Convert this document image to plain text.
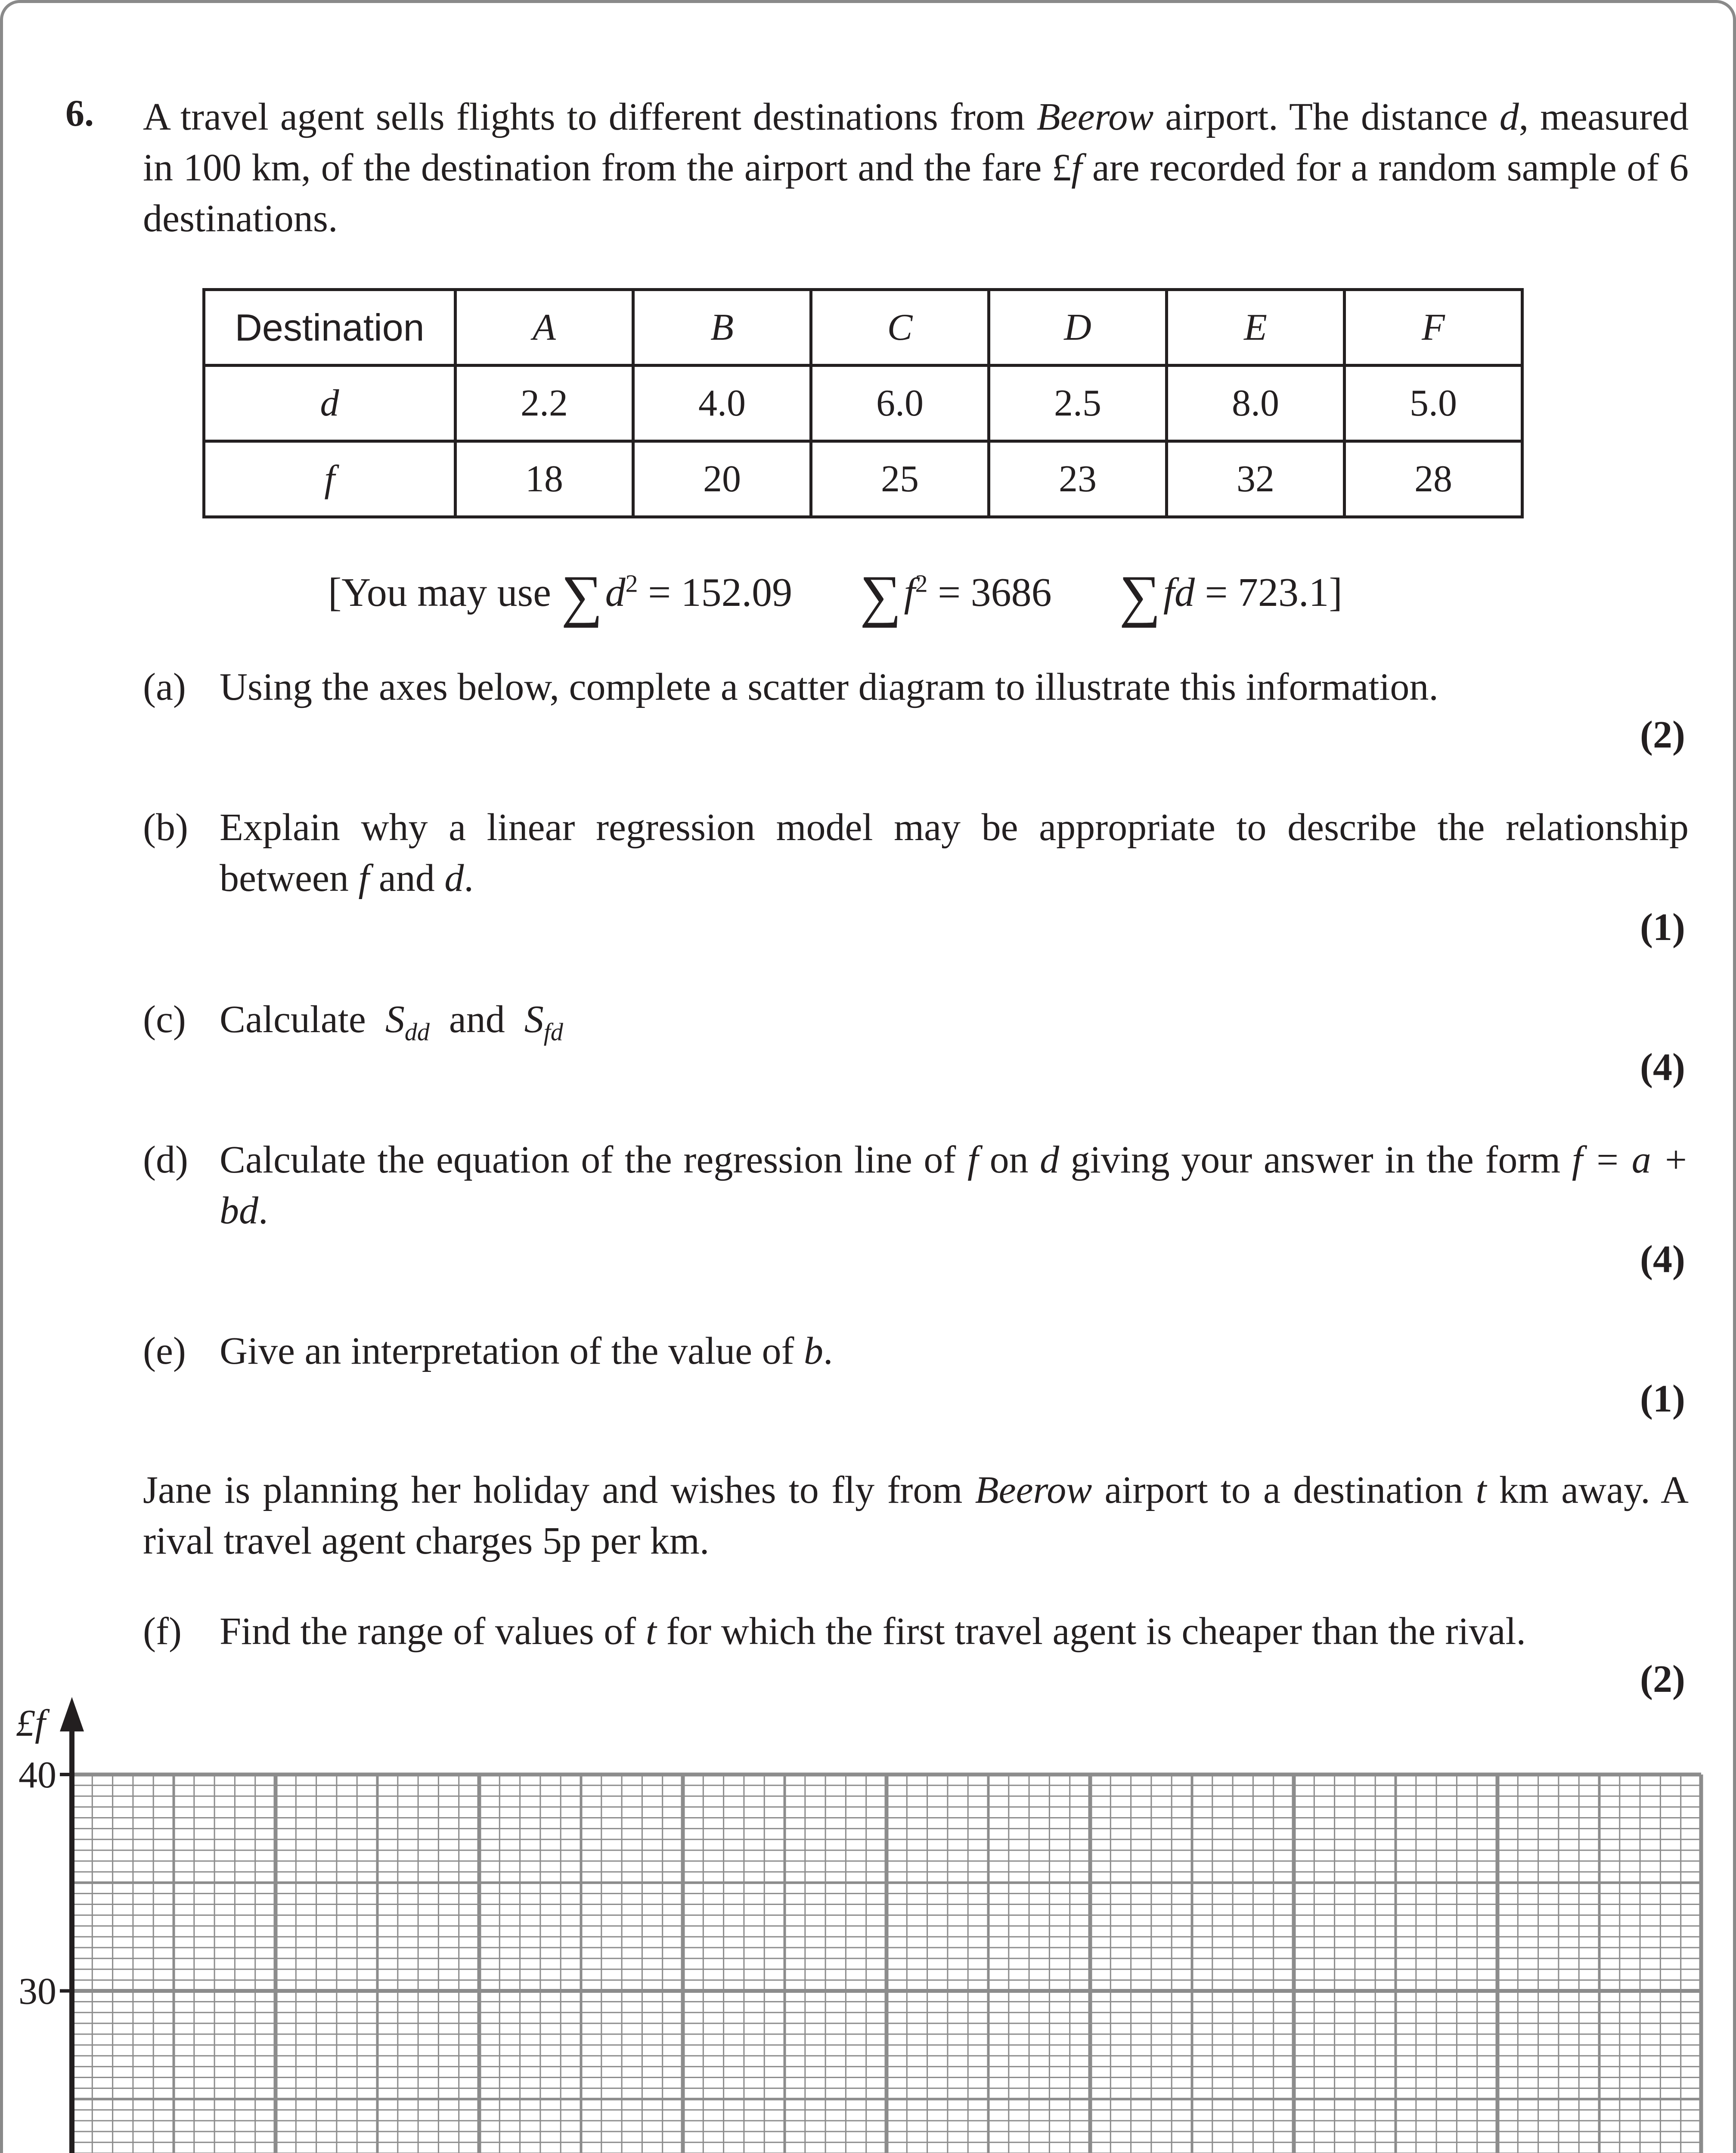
6. A travel agent sells flights to different destinations from Beerow airport. The distance d, measured in 100 km, of the destination from the airport and the fare £f are recorded for a random sample of 6 destinations.
Destination	A	B	C	D	E	F
d	2.2	4.0	6.0	2.5	8.0	5.0
f	18	20	25	23	32	28
[You may use $\sum d^2 = 152.09$ $\sum f^2 = 3686$ ∑fd = 723.1]
(a) Using the axes below, complete a scatter diagram to illustrate this information.
(2)
(b) Explain why a linear regression model may be appropriate to describe the relationship between f and d.
(1)
(c) Calculate $S_{dd}$ and $S_{fd}$
(4)
(d) Calculate the equation of the regression line of f on d giving your answer in the form f = a + bd.
(4)
(e) Give an interpretation of the value of b.
(1)
Jane is planning her holiday and wishes to fly from Beerow airport to a destination t km away. A rival travel agent charges 5p per km.
(f) Find the range of values of t for which the first travel agent is cheaper than the rival.
(2)
30
40
£f
